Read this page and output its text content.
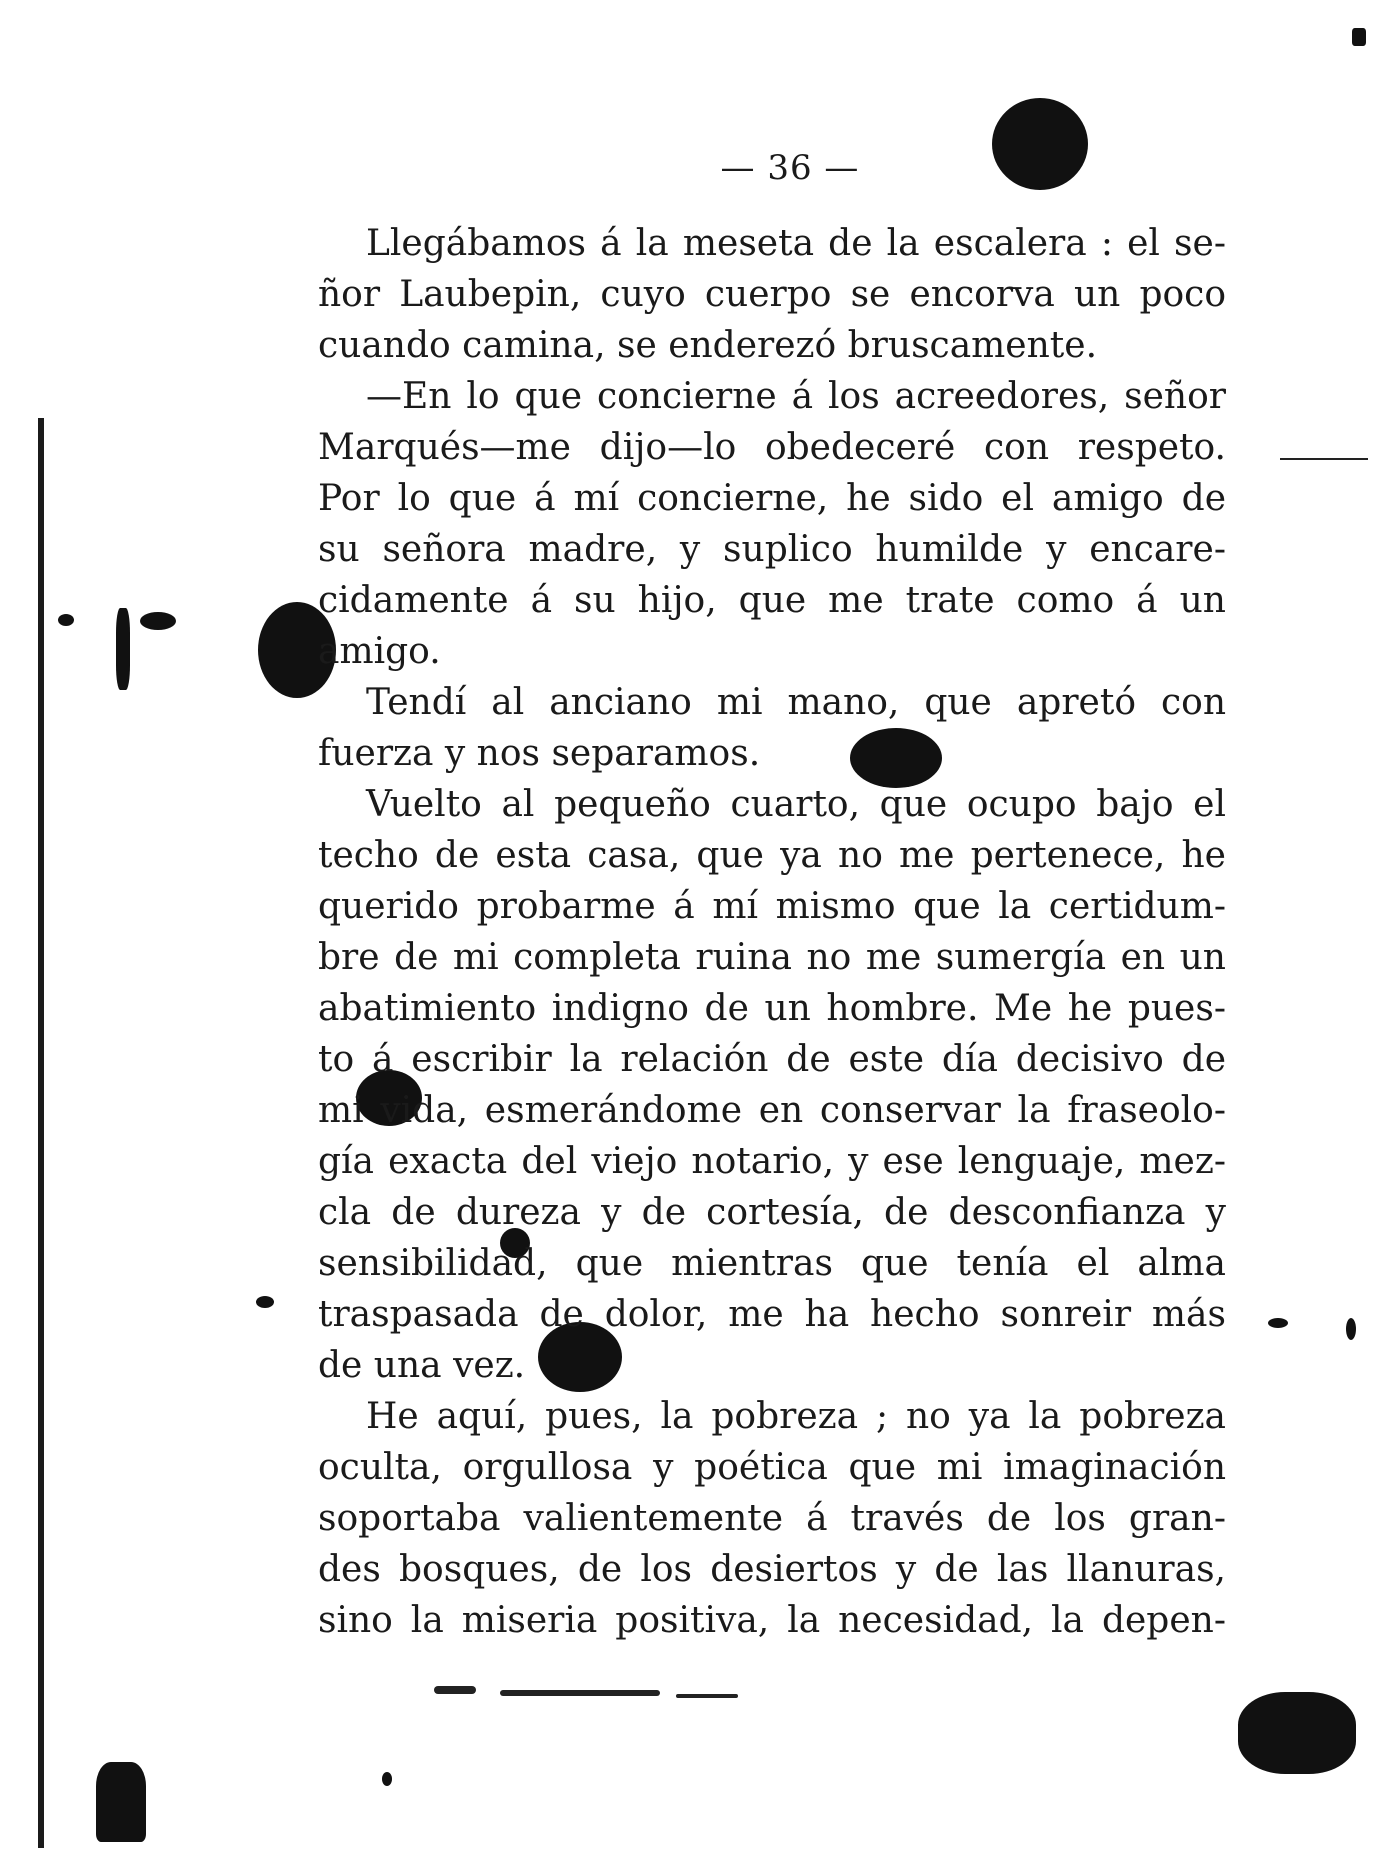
— 36 —
Llegábamos á la meseta de la escalera : el se-
ñor Laubepin, cuyo cuerpo se encorva un poco
cuando camina, se enderezó bruscamente.
—En lo que concierne á los acreedores, señor
Marqués—me dijo—lo obedeceré con respeto.
Por lo que á mí concierne, he sido el amigo de
su señora madre, y suplico humilde y encare-
cidamente á su hijo, que me trate como á un
amigo.
Tendí al anciano mi mano, que apretó con
fuerza y nos separamos.
Vuelto al pequeño cuarto, que ocupo bajo el
techo de esta casa, que ya no me pertenece, he
querido probarme á mí mismo que la certidum-
bre de mi completa ruina no me sumergía en un
abatimiento indigno de un hombre. Me he pues-
to á escribir la relación de este día decisivo de
mi vida, esmerándome en conservar la fraseolo-
gía exacta del viejo notario, y ese lenguaje, mez-
cla de dureza y de cortesía, de desconfianza y
sensibilidad, que mientras que tenía el alma
traspasada de dolor, me ha hecho sonreir más
de una vez.
He aquí, pues, la pobreza ; no ya la pobreza
oculta, orgullosa y poética que mi imaginación
soportaba valientemente á través de los gran-
des bosques, de los desiertos y de las llanuras,
sino la miseria positiva, la necesidad, la depen-
